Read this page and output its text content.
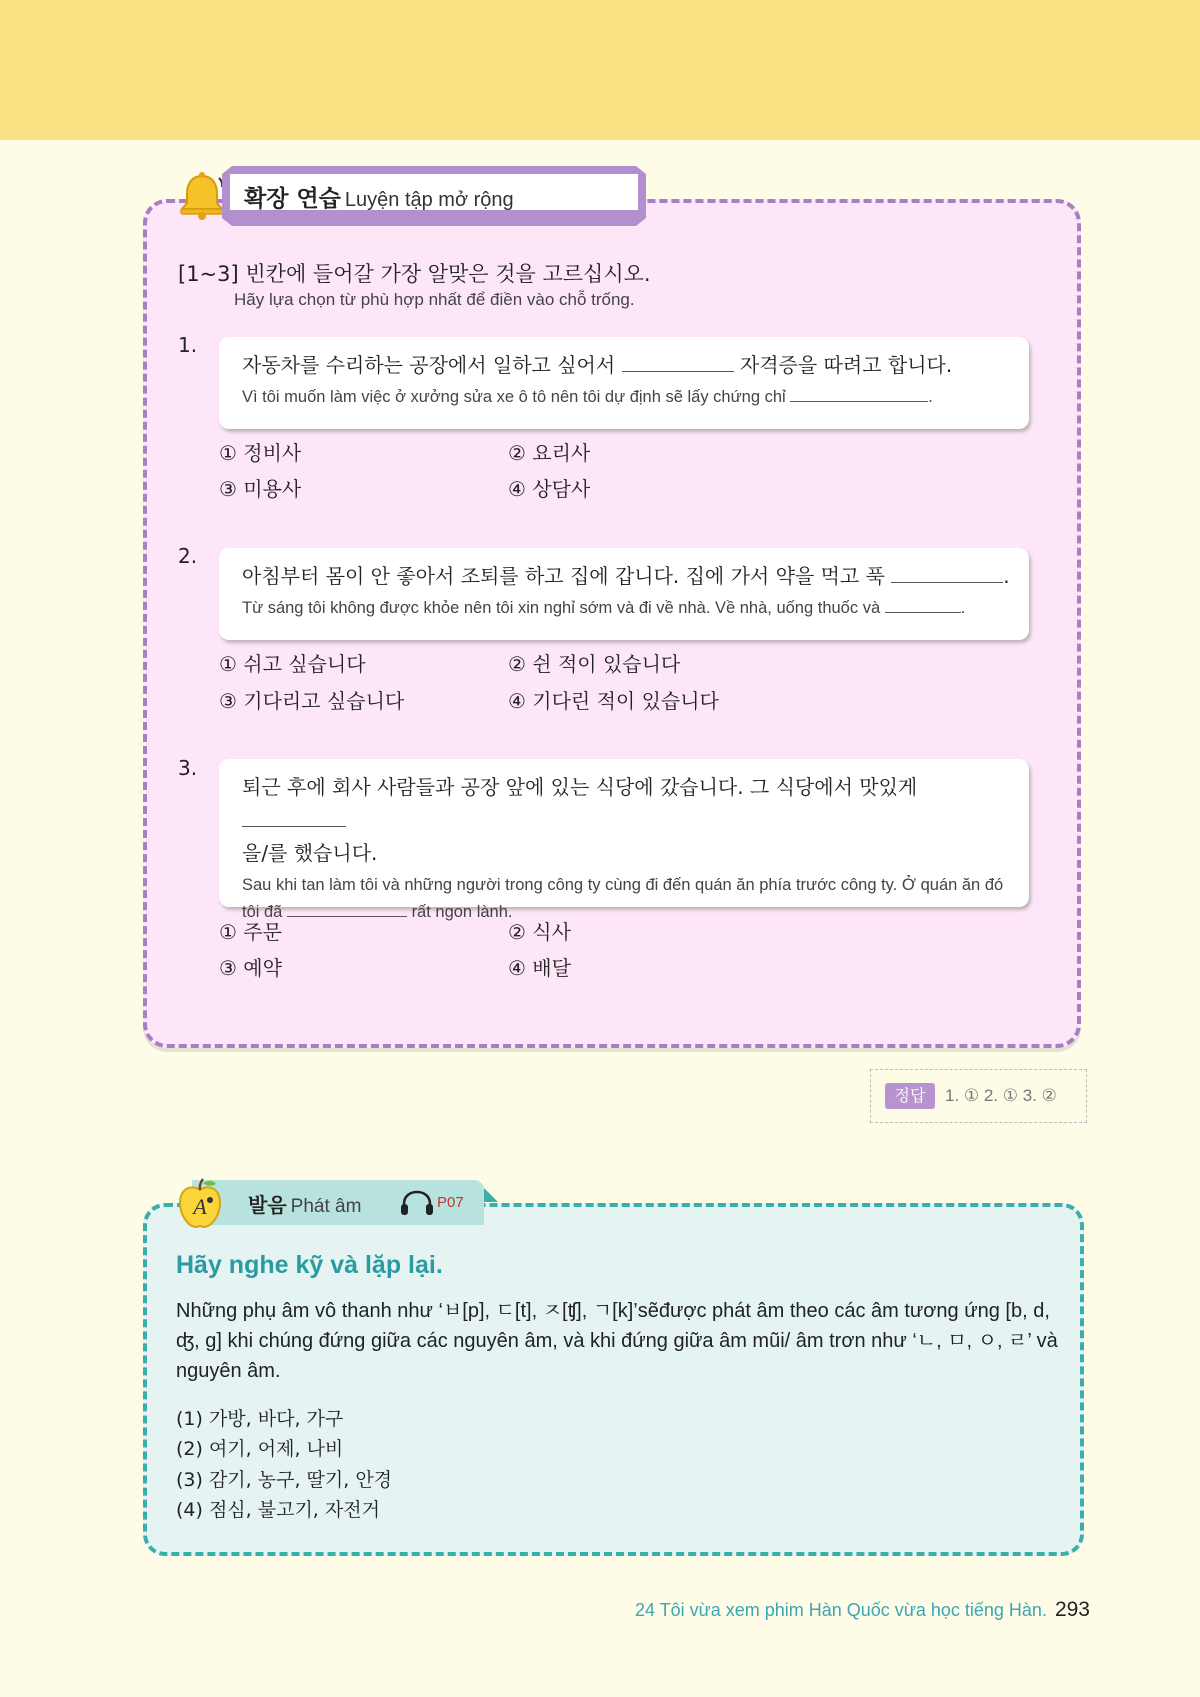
확장 연습 Luyện tập mở rộng
[1~3] 빈칸에 들어갈 가장 알맞은 것을 고르십시오.
Hãy lựa chọn từ phù hợp nhất để điền vào chỗ trống.
1.
자동차를 수리하는 공장에서 일하고 싶어서	자격증을 따려고 합니다.
Vì tôi muốn làm việc ở xưởng sửa xe ô tô nên tôi dự định sẽ lấy chứng chỉ	.
① 정비사	② 요리사
③ 미용사	④ 상담사
2.
아침부터 몸이 안 좋아서 조퇴를 하고 집에 갑니다. 집에 가서 약을 먹고 푹	.
Từ sáng tôi không được khỏe nên tôi xin nghỉ sớm và đi về nhà. Về nhà, uống thuốc và	.
① 쉬고 싶습니다	② 쉰 적이 있습니다
③ 기다리고 싶습니다	④ 기다린 적이 있습니다
3.
퇴근 후에 회사 사람들과 공장 앞에 있는 식당에 갔습니다. 그 식당에서 맛있게
을/를 했습니다.
Sau khi tan làm tôi và những người trong công ty cùng đi đến quán ăn phía trước công ty. Ở quán ăn đó tôi đã	rất ngon lành.
① 주문	② 식사
③ 예약	④ 배달
정답	1. ① 2. ① 3. ②
A 발음 Phát âm	P07
Hãy nghe kỹ và lặp lại.
Những phụ âm vô thanh như ‘ㅂ[p], ㄷ[t], ㅈ[ʧ], ㄱ[k]’sẽđược phát âm theo các âm tương ứng [b, d, ʤ, g] khi chúng đứng giữa các nguyên âm, và khi đứng giữa âm mũi/ âm trơn như ‘ㄴ, ㅁ, ㅇ, ㄹ’ và nguyên âm.
(1) 가방, 바다, 가구
(2) 여기, 어제, 나비
(3) 감기, 농구, 딸기, 안경
(4) 점심, 불고기, 자전거
24 Tôi vừa xem phim Hàn Quốc vừa học tiếng Hàn. 293
